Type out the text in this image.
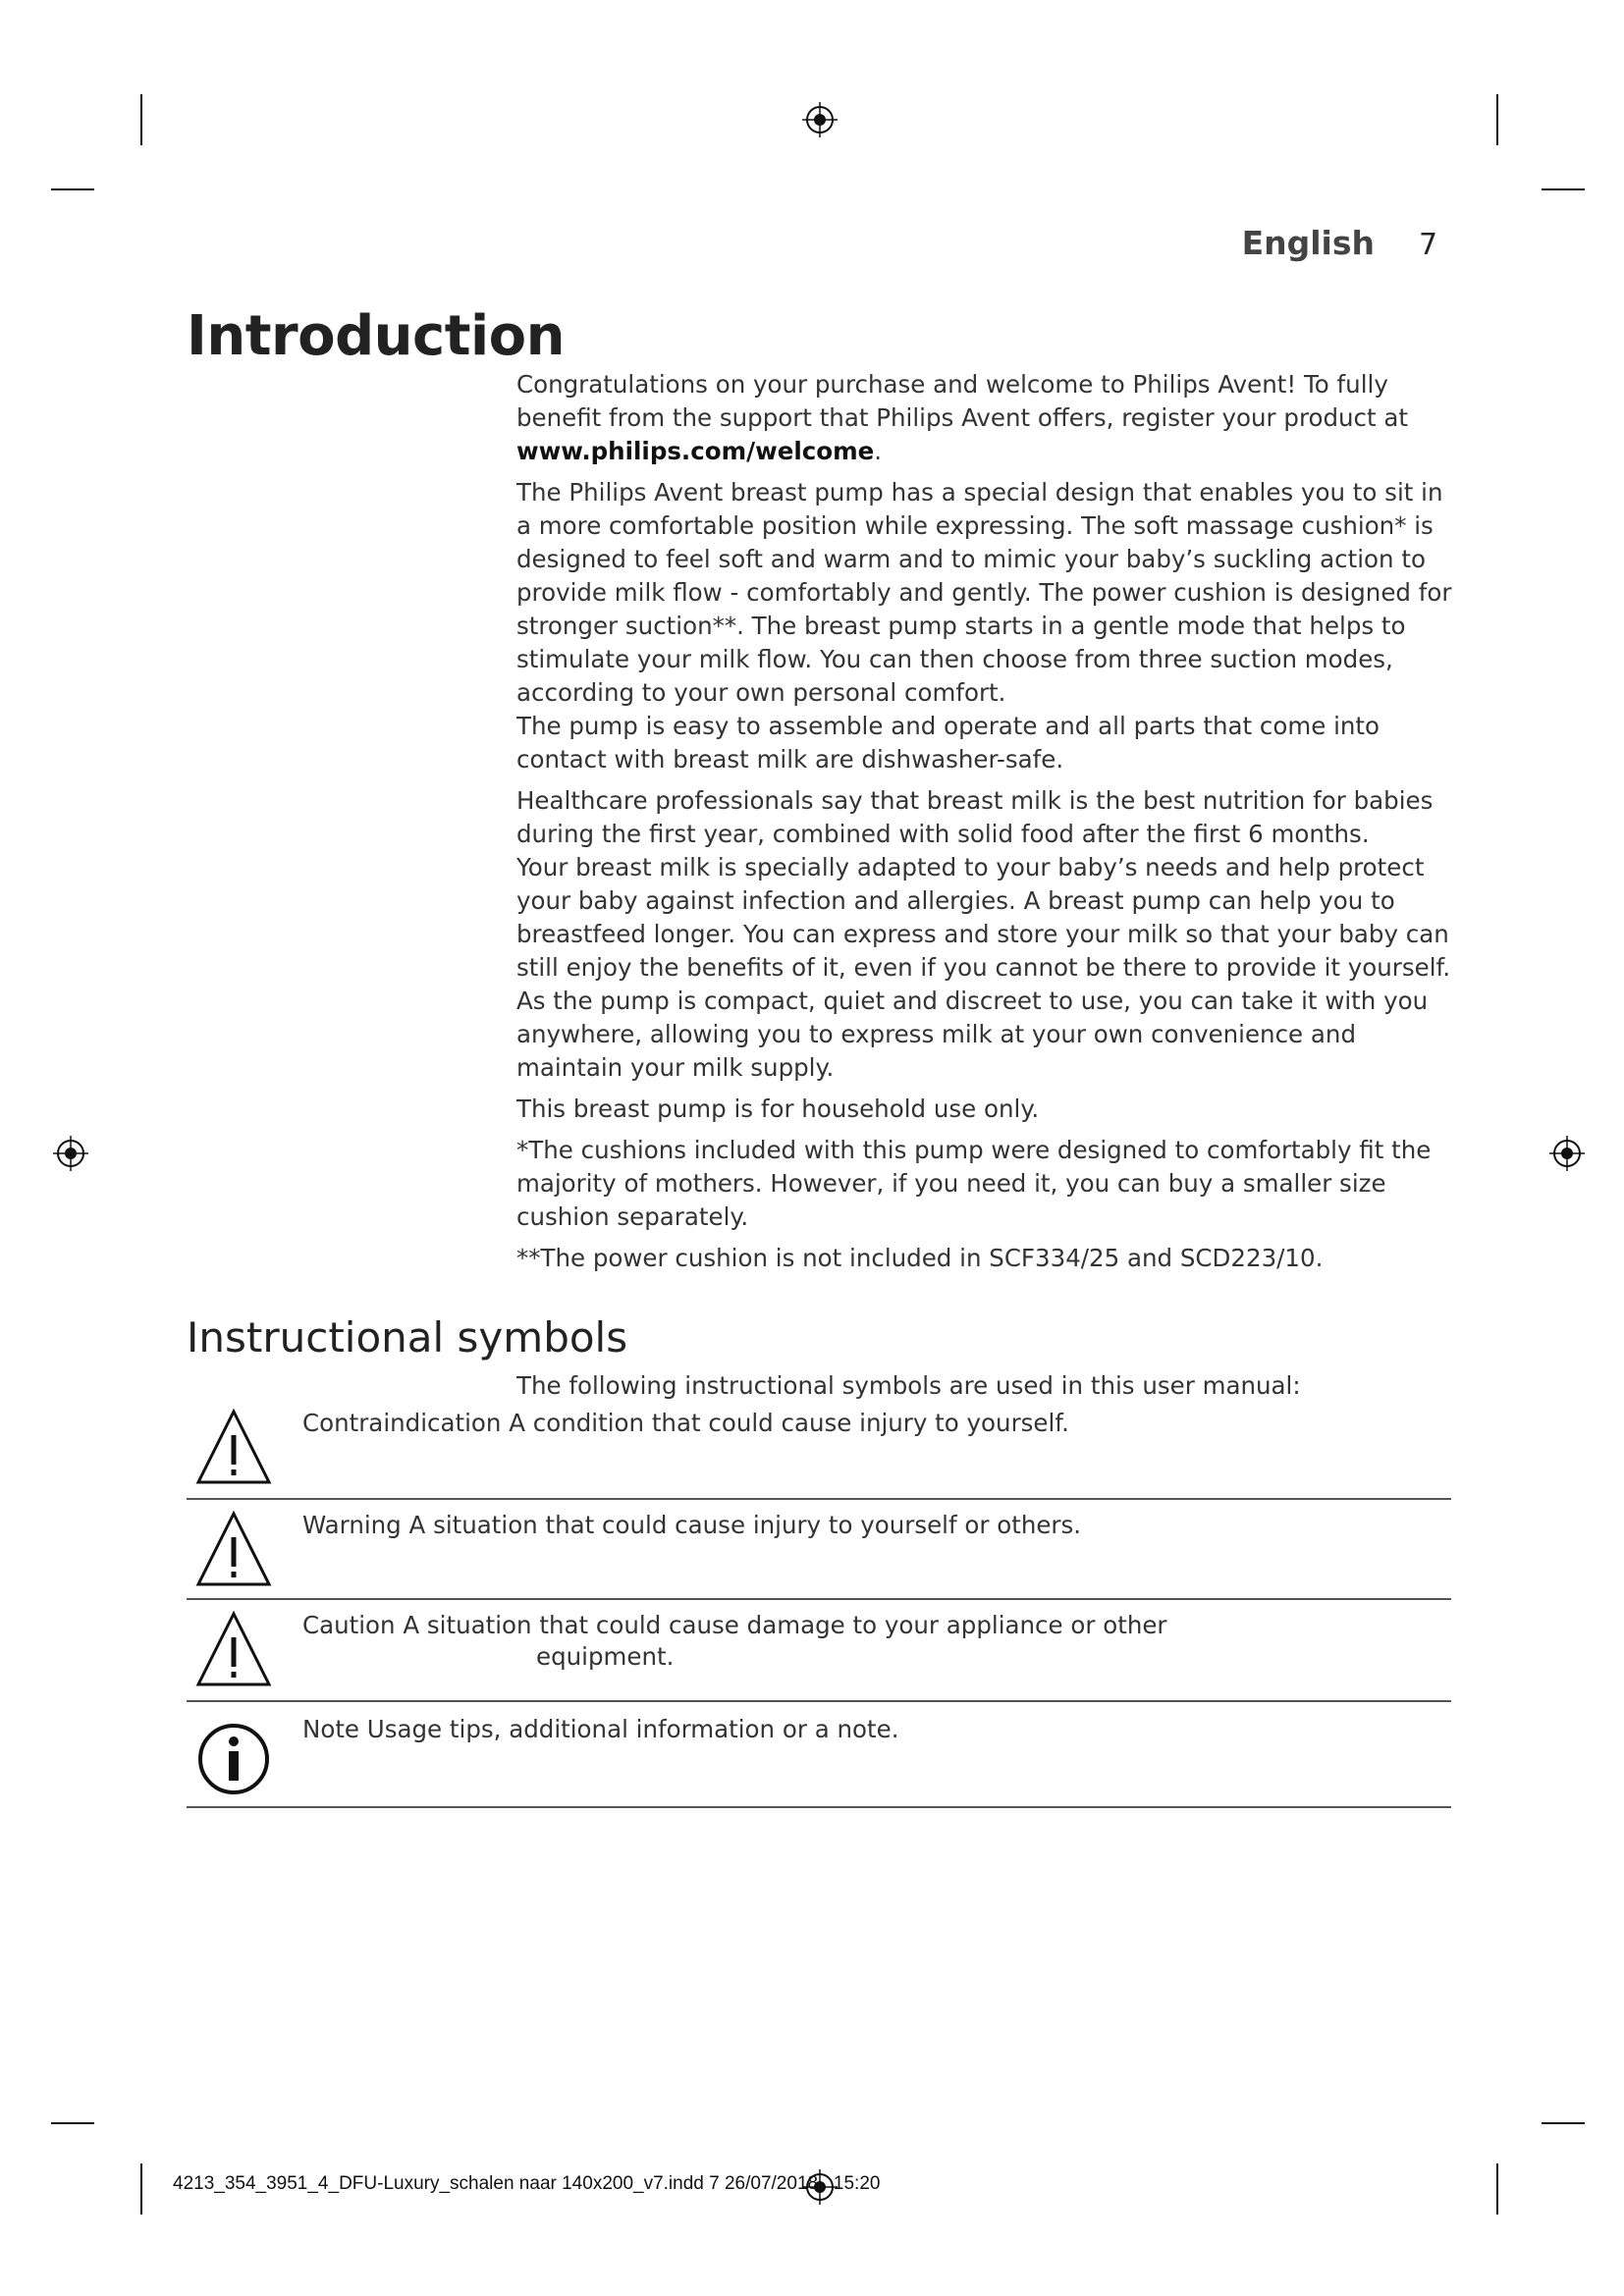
English 7
Introduction

Congratulations on your purchase and welcome to Philips Avent! To fully benefit from the support that Philips Avent offers, register your product at www.philips.com/welcome.

The Philips Avent breast pump has a special design that enables you to sit in a more comfortable position while expressing. The soft massage cushion* is designed to feel soft and warm and to mimic your baby’s suckling action to provide milk flow - comfortably and gently. The power cushion is designed for stronger suction**. The breast pump starts in a gentle mode that helps to stimulate your milk flow. You can then choose from three suction modes, according to your own personal comfort.

The pump is easy to assemble and operate and all parts that come into contact with breast milk are dishwasher-safe.

Healthcare professionals say that breast milk is the best nutrition for babies during the first year, combined with solid food after the first 6 months.

Your breast milk is specially adapted to your baby’s needs and help protect your baby against infection and allergies. A breast pump can help you to breastfeed longer. You can express and store your milk so that your baby can still enjoy the benefits of it, even if you cannot be there to provide it yourself. As the pump is compact, quiet and discreet to use, you can take it with you anywhere, allowing you to express milk at your own convenience and maintain your milk supply.

This breast pump is for household use only.

*The cushions included with this pump were designed to comfortably fit the majority of mothers. However, if you need it, you can buy a smaller size cushion separately.

**The power cushion is not included in SCF334/25 and SCD223/10.

Instructional symbols
The following instructional symbols are used in this user manual:
Contraindication A condition that could cause injury to yourself.
Warning A situation that could cause injury to yourself or others.
Caution A situation that could cause damage to your appliance or other
equipment.
Note Usage tips, additional information or a note.
4213_354_3951_4_DFU-Luxury_schalen naar 140x200_v7.indd 7 26/07/2018 15:20
